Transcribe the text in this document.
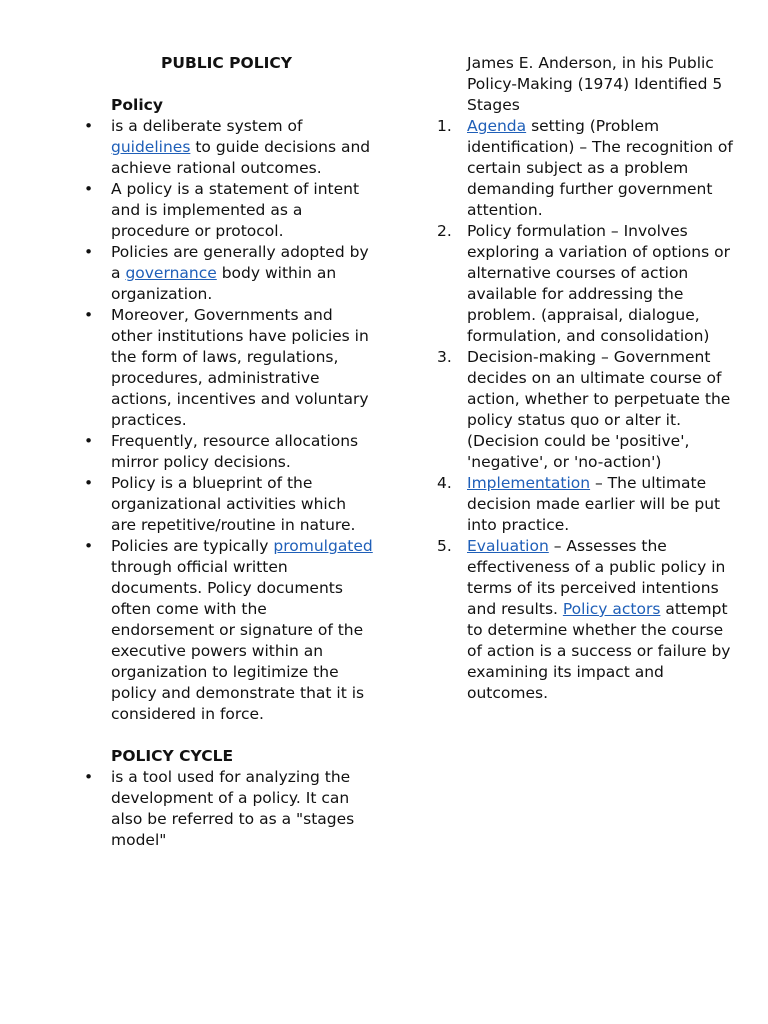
PUBLIC POLICY
Policy
• is a deliberate system of guidelines to guide decisions and achieve rational outcomes.
• A policy is a statement of intent and is implemented as a procedure or protocol.
• Policies are generally adopted by a governance body within an organization.
• Moreover, Governments and other institutions have policies in the form of laws, regulations, procedures, administrative actions, incentives and voluntary practices.
• Frequently, resource allocations mirror policy decisions.
• Policy is a blueprint of the organizational activities which are repetitive/routine in nature.
• Policies are typically promulgated through official written documents. Policy documents often come with the endorsement or signature of the executive powers within an organization to legitimize the policy and demonstrate that it is considered in force.
POLICY CYCLE
• is a tool used for analyzing the development of a policy. It can also be referred to as a "stages model"
James E. Anderson, in his Public Policy-Making (1974) Identified 5 Stages
1. Agenda setting (Problem identification) – The recognition of certain subject as a problem demanding further government attention.
2. Policy formulation – Involves exploring a variation of options or alternative courses of action available for addressing the problem. (appraisal, dialogue, formulation, and consolidation)
3. Decision-making – Government decides on an ultimate course of action, whether to perpetuate the policy status quo or alter it. (Decision could be 'positive', 'negative', or 'no-action')
4. Implementation – The ultimate decision made earlier will be put into practice.
5. Evaluation – Assesses the effectiveness of a public policy in terms of its perceived intentions and results. Policy actors attempt to determine whether the course of action is a success or failure by examining its impact and outcomes.
